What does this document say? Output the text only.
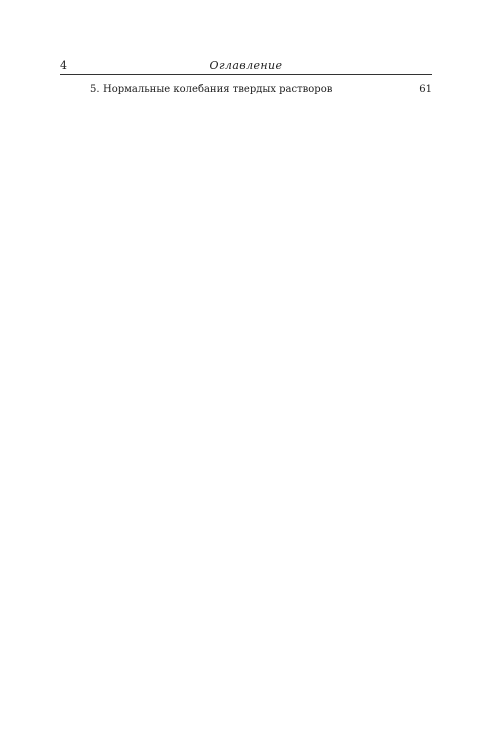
4	Оглавление
5. Нормальные колебания твердых растворов	61
